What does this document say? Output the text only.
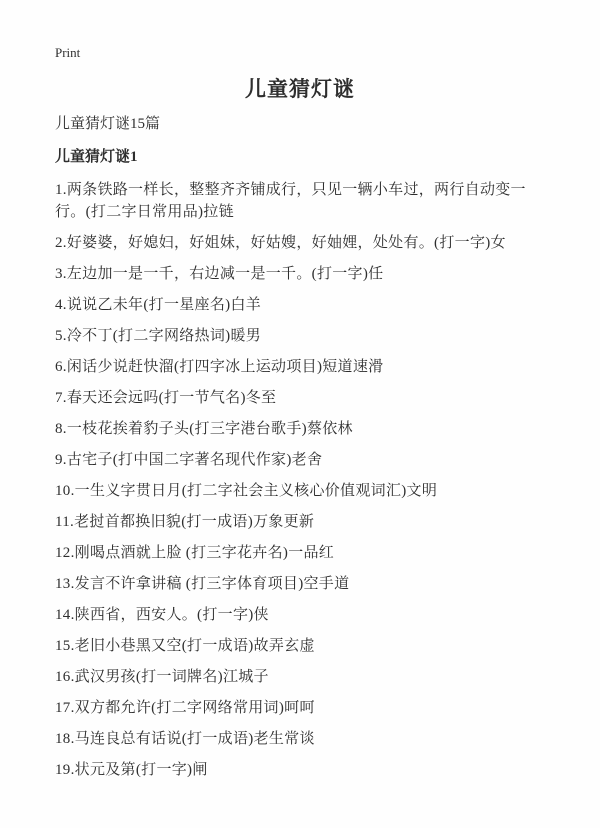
Print
儿童猜灯谜

儿童猜灯谜15篇

儿童猜灯谜1

1.两条铁路一样长，整整齐齐铺成行，只见一辆小车过，两行自动变一行。(打二字日常用品)拉链

2.好婆婆，好媳妇，好姐妹，好姑嫂，好妯娌，处处有。(打一字)女

3.左边加一是一千，右边减一是一千。(打一字)任

4.说说乙未年(打一星座名)白羊

5.冷不丁(打二字网络热词)暖男

6.闲话少说赶快溜(打四字冰上运动项目)短道速滑

7.春天还会远吗(打一节气名)冬至

8.一枝花挨着豹子头(打三字港台歌手)蔡依林

9.古宅子(打中国二字著名现代作家)老舍

10.一生义字贯日月(打二字社会主义核心价值观词汇)文明

11.老挝首都换旧貌(打一成语)万象更新

12.刚喝点酒就上脸 (打三字花卉名)一品红

13.发言不许拿讲稿 (打三字体育项目)空手道

14.陕西省，西安人。(打一字)侠

15.老旧小巷黑又空(打一成语)故弄玄虚

16.武汉男孩(打一词牌名)江城子

17.双方都允许(打二字网络常用词)呵呵

18.马连良总有话说(打一成语)老生常谈

19.状元及第(打一字)闸
